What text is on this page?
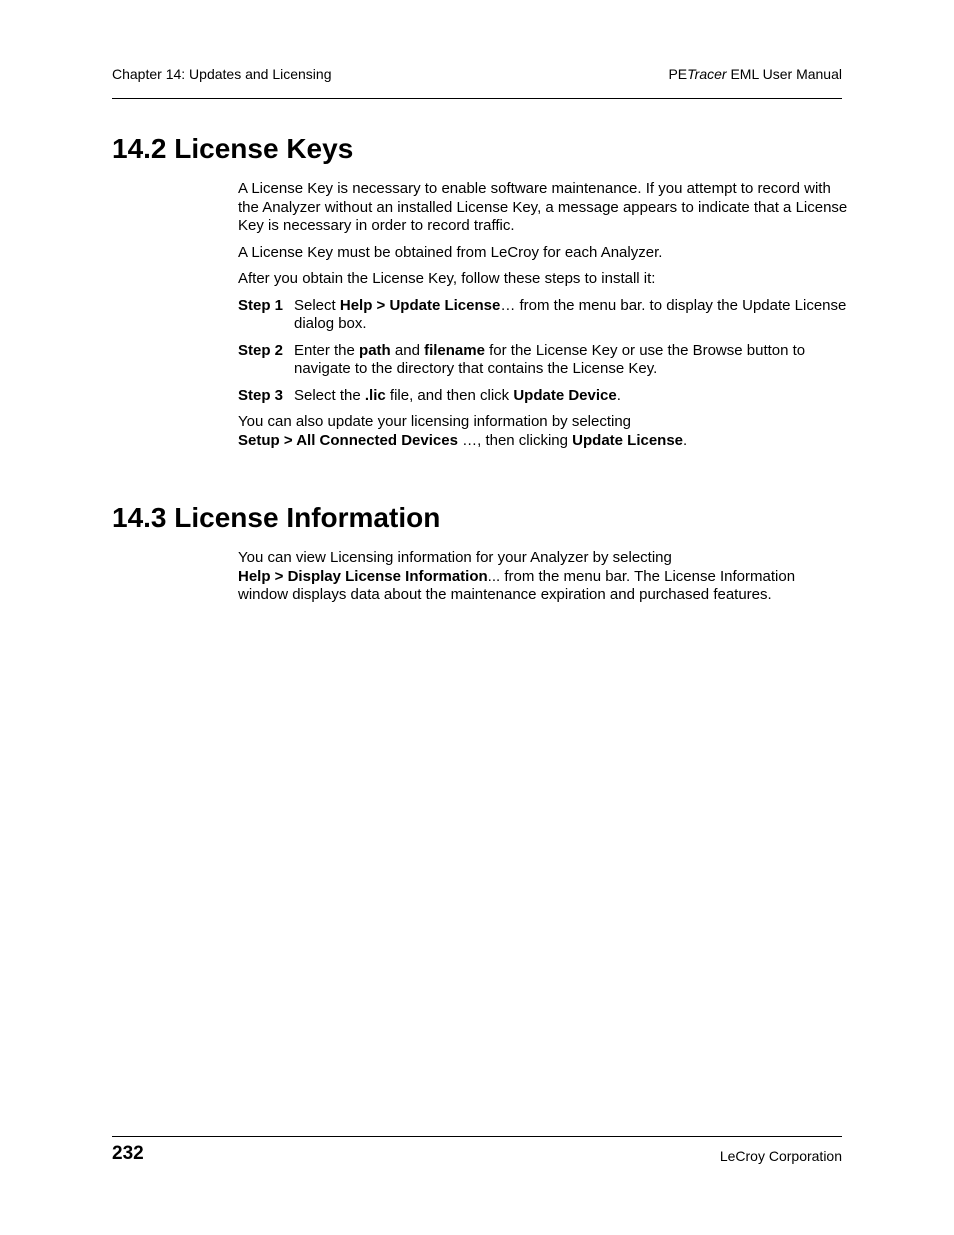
Chapter 14: Updates and Licensing	PETracer EML User Manual
14.2 License Keys

A License Key is necessary to enable software maintenance. If you attempt to record with the Analyzer without an installed License Key, a message appears to indicate that a License Key is necessary in order to record traffic.

A License Key must be obtained from LeCroy for each Analyzer.

After you obtain the License Key, follow these steps to install it:

Step 1 Select Help > Update License… from the menu bar. to display the Update License dialog box.
Step 2 Enter the path and filename for the License Key or use the Browse button to navigate to the directory that contains the License Key.
Step 3 Select the .lic file, and then click Update Device.

You can also update your licensing information by selecting
Setup > All Connected Devices …, then clicking Update License.

14.3 License Information

You can view Licensing information for your Analyzer by selecting
Help > Display License Information... from the menu bar. The License Information window displays data about the maintenance expiration and purchased features.

232	LeCroy Corporation
